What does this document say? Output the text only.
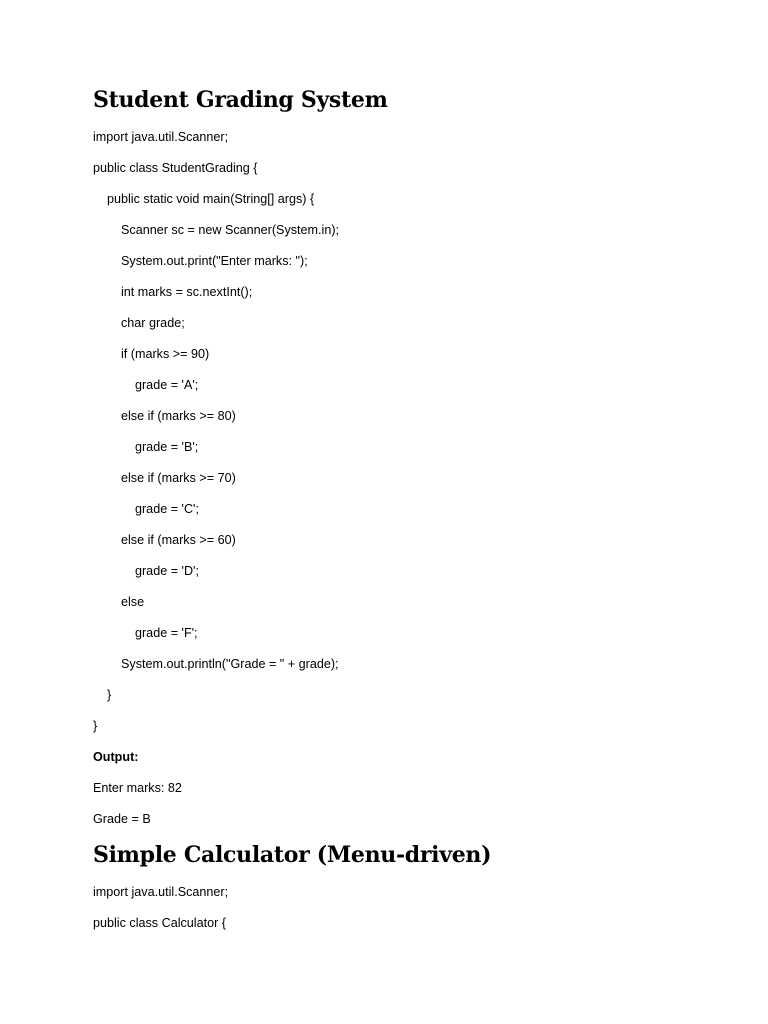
Student Grading System
import java.util.Scanner;
public class StudentGrading {
public static void main(String[] args) {
Scanner sc = new Scanner(System.in);
System.out.print("Enter marks: ");
int marks = sc.nextInt();
char grade;
if (marks >= 90)
grade = 'A';
else if (marks >= 80)
grade = 'B';
else if (marks >= 70)
grade = 'C';
else if (marks >= 60)
grade = 'D';
else
grade = 'F';
System.out.println("Grade = " + grade);
}
}
Output:
Enter marks: 82
Grade = B
Simple Calculator (Menu-driven)
import java.util.Scanner;
public class Calculator {
